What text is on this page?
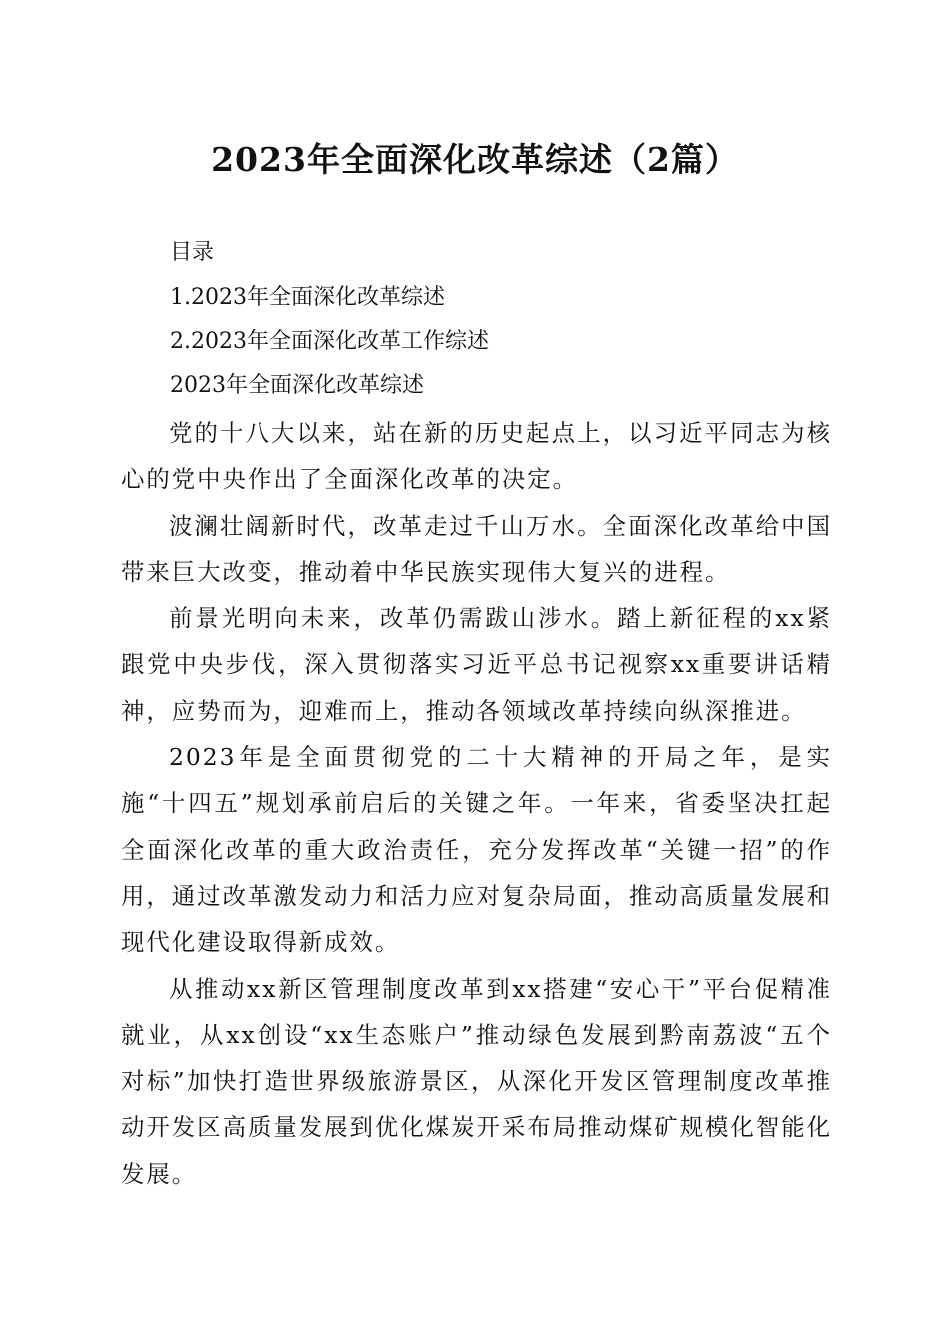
2023年全面深化改革综述（2篇）
目录
1.2023年全面深化改革综述
2.2023年全面深化改革工作综述
2023年全面深化改革综述

党的十八大以来，站在新的历史起点上，以习近平同志为核心的党中央作出了全面深化改革的决定。

波澜壮阔新时代，改革走过千山万水。全面深化改革给中国带来巨大改变，推动着中华民族实现伟大复兴的进程。

前景光明向未来，改革仍需跋山涉水。踏上新征程的xx紧跟党中央步伐，深入贯彻落实习近平总书记视察xx重要讲话精神，应势而为，迎难而上，推动各领域改革持续向纵深推进。

2023年是全面贯彻党的二十大精神的开局之年，是实施“十四五”规划承前启后的关键之年。一年来，省委坚决扛起全面深化改革的重大政治责任，充分发挥改革“关键一招”的作用，通过改革激发动力和活力应对复杂局面，推动高质量发展和现代化建设取得新成效。

从推动xx新区管理制度改革到xx搭建“安心干”平台促精准就业，从xx创设“xx生态账户”推动绿色发展到黔南荔波“五个对标”加快打造世界级旅游景区，从深化开发区管理制度改革推动开发区高质量发展到优化煤炭开采布局推动煤矿规模化智能化发展。
